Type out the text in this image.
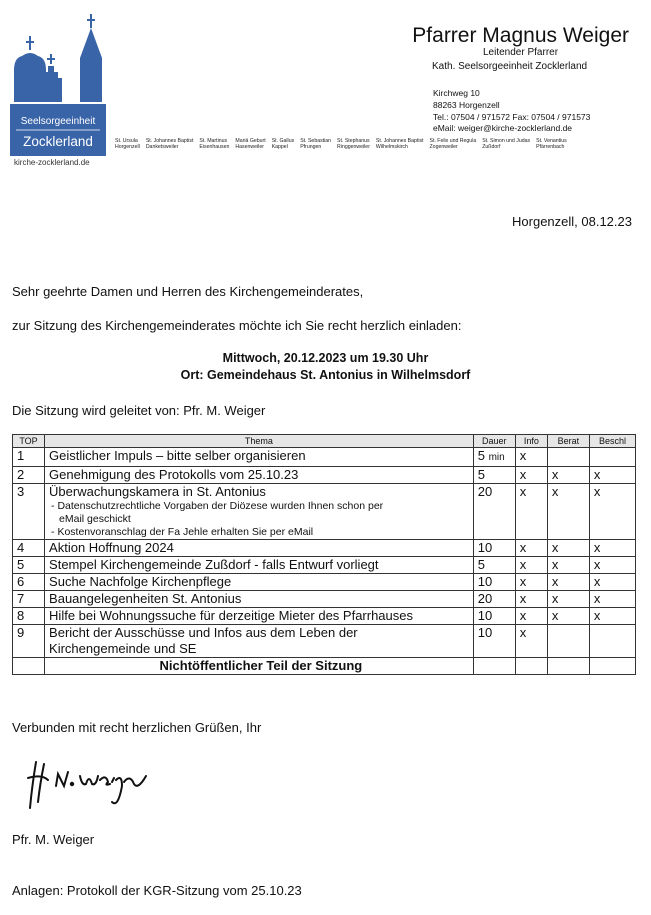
Seelsorgeeinheit
Zocklerland
kirche-zocklerland.de
St. Ursula
Horgenzell
St. Johannes Baptist
Danketsweiler
St. Martinus
Eisenhausen
Mariä Geburt
Hasenweiler
St. Gallus
Kappel
St. Sebastian
Pfrungen
St. Stephanus
Ringgenweiler
St. Johannes Baptist
Wilhelmskirch
St. Felix und Regula
Zogenweiler
St. Simon und Judas
Zußdorf
St. Venantius
Pfärrenbach
Pfarrer Magnus Weiger
Leitender Pfarrer
Kath. Seelsorgeeinheit Zocklerland
Kirchweg 10
88263 Horgenzell
Tel.: 07504 / 971572 Fax: 07504 / 971573
eMail: weiger@kirche-zocklerland.de
Horgenzell, 08.12.23
Sehr geehrte Damen und Herren des Kirchengemeinderates,
zur Sitzung des Kirchengemeinderates möchte ich Sie recht herzlich einladen:
Mittwoch, 20.12.2023 um 19.30 Uhr
Ort: Gemeindehaus St. Antonius in Wilhelmsdorf
Die Sitzung wird geleitet von: Pfr. M. Weiger
TOP	Thema	Dauer	Info	Berat	Beschl
1	Geistlicher Impuls – bitte selber organisieren	5 min	x		
2	Genehmigung des Protokolls vom 25.10.23	5	x	x	x
3	Überwachungskamera in St. Antonius
- Datenschutzrechtliche Vorgaben der Diözese wurden Ihnen schon per
eMail geschickt
- Kostenvoranschlag der Fa Jehle erhalten Sie per eMail	20	x	x	x
4	Aktion Hoffnung 2024	10	x	x	x
5	Stempel Kirchengemeinde Zußdorf - falls Entwurf vorliegt	5	x	x	x
6	Suche Nachfolge Kirchenpflege	10	x	x	x
7	Bauangelegenheiten St. Antonius	20	x	x	x
8	Hilfe bei Wohnungssuche für derzeitige Mieter des Pfarrhauses	10	x	x	x
9	Bericht der Ausschüsse und Infos aus dem Leben der
Kirchengemeinde und SE	10	x		
	Nichtöffentlicher Teil der Sitzung				
Verbunden mit recht herzlichen Grüßen, Ihr
Pfr. M. Weiger
Anlagen: Protokoll der KGR-Sitzung vom 25.10.23
